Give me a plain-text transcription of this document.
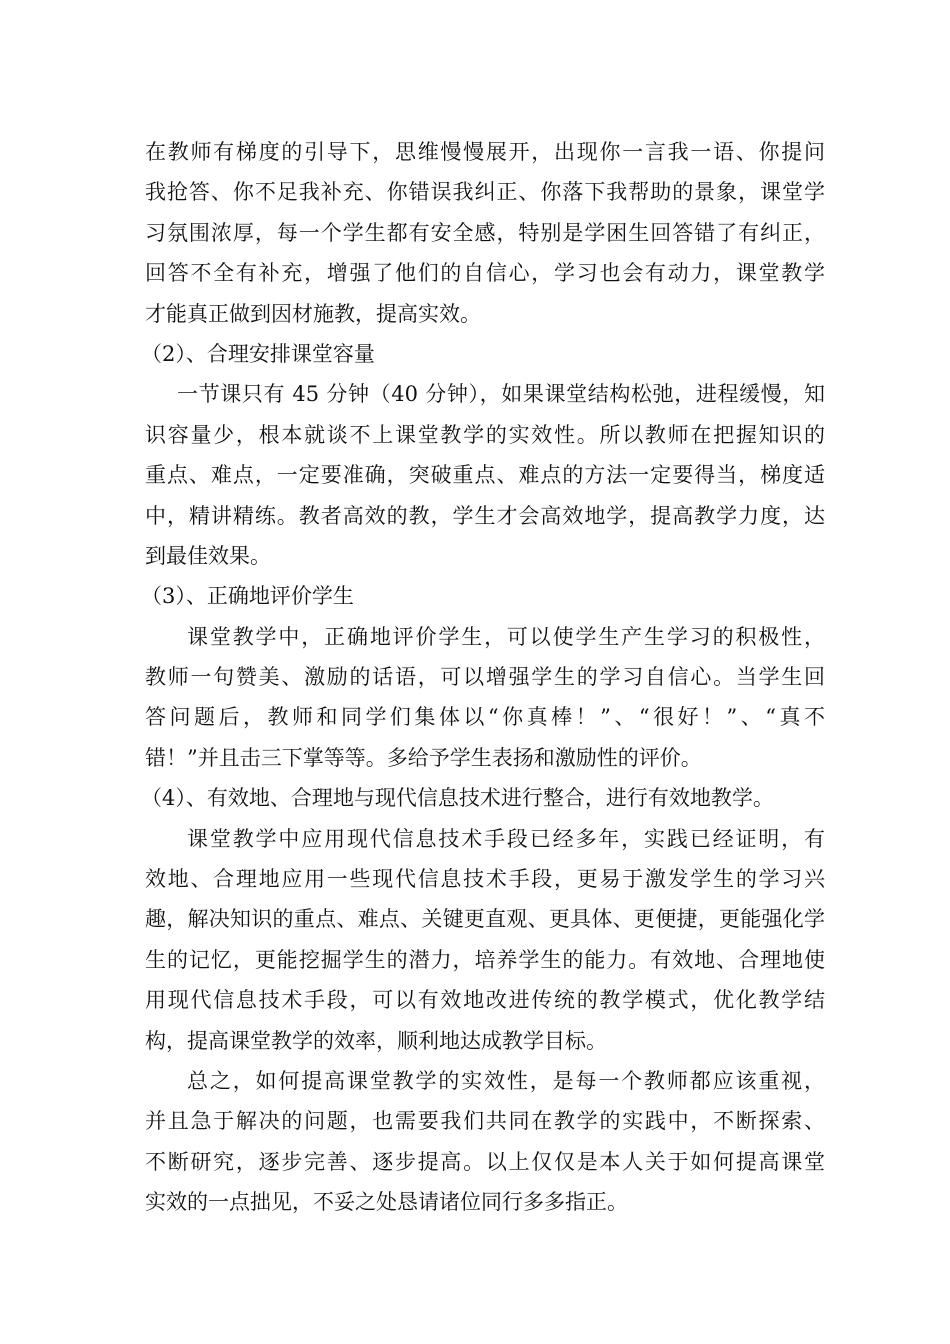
在教师有梯度的引导下，思维慢慢展开，出现你一言我一语、你提问
我抢答、你不足我补充、你错误我纠正、你落下我帮助的景象，课堂学
习氛围浓厚，每一个学生都有安全感，特别是学困生回答错了有纠正，
回答不全有补充，增强了他们的自信心，学习也会有动力，课堂教学
才能真正做到因材施教，提高实效。
（2）、合理安排课堂容量
一节课只有 45 分钟（40 分钟），如果课堂结构松弛，进程缓慢，知
识容量少，根本就谈不上课堂教学的实效性。所以教师在把握知识的
重点、难点，一定要准确，突破重点、难点的方法一定要得当，梯度适
中，精讲精练。教者高效的教，学生才会高效地学，提高教学力度，达
到最佳效果。
（3）、正确地评价学生
课堂教学中，正确地评价学生，可以使学生产生学习的积极性，
教师一句赞美、激励的话语，可以增强学生的学习自信心。当学生回
答问题后，教师和同学们集体以“你真棒！”、“很好！”、“真不
错！”并且击三下掌等等。多给予学生表扬和激励性的评价。
（4）、有效地、合理地与现代信息技术进行整合，进行有效地教学。
课堂教学中应用现代信息技术手段已经多年，实践已经证明，有
效地、合理地应用一些现代信息技术手段，更易于激发学生的学习兴
趣，解决知识的重点、难点、关键更直观、更具体、更便捷，更能强化学
生的记忆，更能挖掘学生的潜力，培养学生的能力。有效地、合理地使
用现代信息技术手段，可以有效地改进传统的教学模式，优化教学结
构，提高课堂教学的效率，顺利地达成教学目标。
总之，如何提高课堂教学的实效性，是每一个教师都应该重视，
并且急于解决的问题，也需要我们共同在教学的实践中，不断探索、
不断研究，逐步完善、逐步提高。以上仅仅是本人关于如何提高课堂
实效的一点拙见，不妥之处恳请诸位同行多多指正。
